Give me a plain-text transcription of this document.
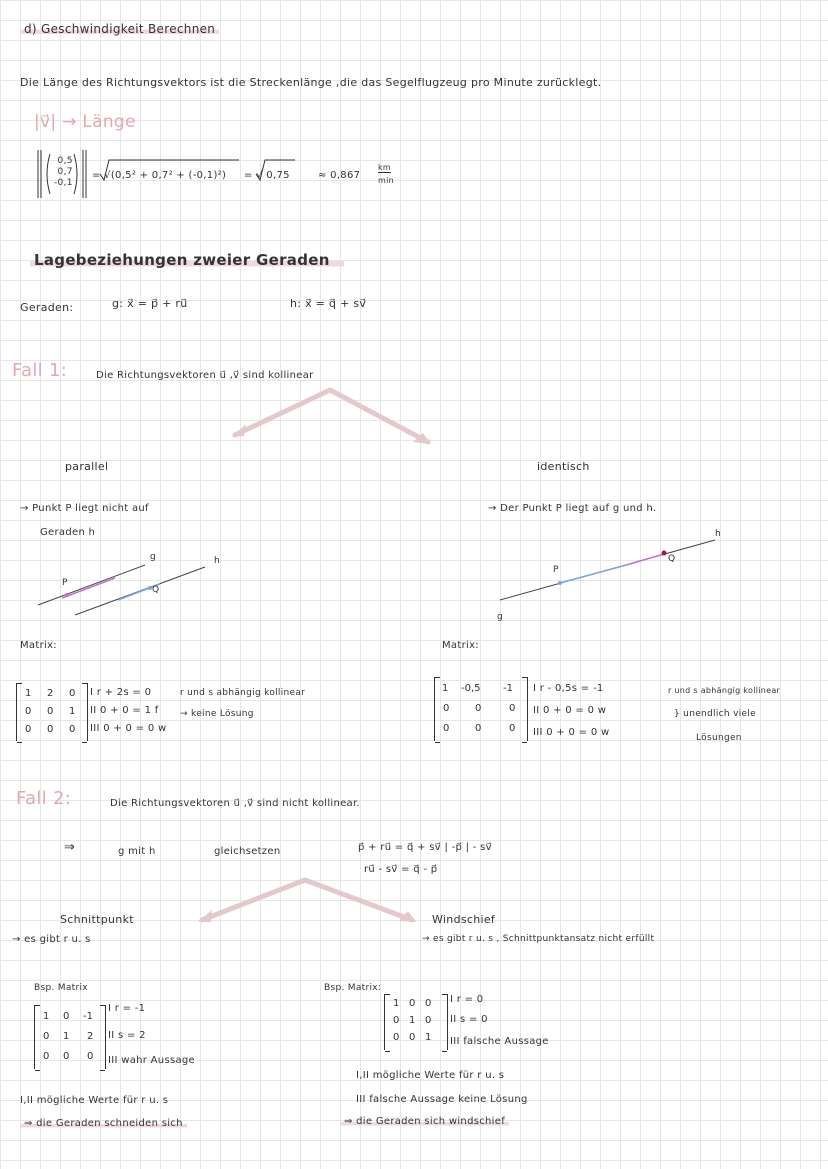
d) Geschwindigkeit Berechnen
Die Länge des Richtungsvektors ist die Streckenlänge ,die das Segelflugzeug pro Minute zurücklegt.
|v⃗| → Länge
0,5
0,7
-0,1
= √(0,5² + 0,7² + (-0,1)²) = √ 0,75	≈ 0,867
km
min
Lagebeziehungen zweier Geraden
Geraden:	g: x⃗ = p⃗ + ru⃗	h: x⃗ = q⃗ + sv⃗
Fall 1:	Die Richtungsvektoren u⃗ ,v⃗ sind kollinear
parallel
→ Punkt P liegt nicht auf
Geraden h
P
g
Q
h
Matrix:
1 2 0
0 0 1
0 0 0
I r + 2s = 0
II 0 + 0 = 1 f
III 0 + 0 = 0 w
r und s abhängig kollinear
→ keine Lösung
identisch
→ Der Punkt P liegt auf g und h.
P
g
Q
h
Matrix:
1 -0,5 -1
0	0	0
0	0	0
I r - 0,5s = -1
II 0 + 0 = 0 w
III 0 + 0 = 0 w
r und s abhängig kollinear
} unendlich viele
Lösungen
Fall 2:	Die Richtungsvektoren u⃗ ,v⃗ sind nicht kollinear.
⇒	g mit h	gleichsetzen	p⃗ + ru⃗ = q⃗ + sv⃗ | -p⃗ | - sv⃗
ru⃗ - sv⃗ = q⃗ - p⃗
Schnittpunkt
→ es gibt r u. s
Bsp. Matrix
1 0 -1
0 1 2
0 0 0
I r = -1
II s = 2
III wahr Aussage
I,II mögliche Werte für r u. s
⇒ die Geraden schneiden sich
Windschief
→ es gibt r u. s , Schnittpunktansatz nicht erfüllt
Bsp. Matrix:
1 0 0
0 1 0
0 0 1
I r = 0
II s = 0
III falsche Aussage
I,II mögliche Werte für r u. s
III falsche Aussage keine Lösung
⇒ die Geraden sich windschief
